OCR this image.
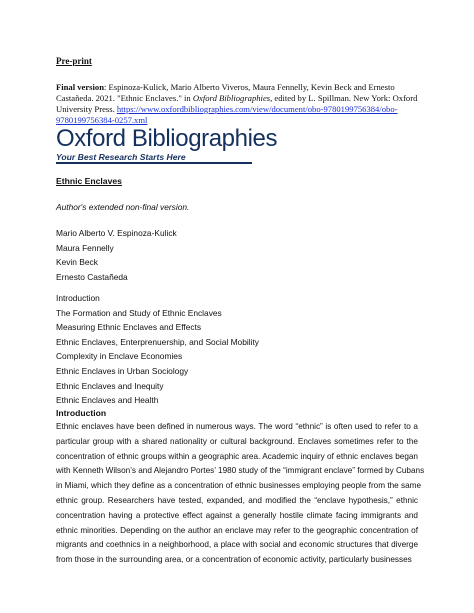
Pre-print
Final version: Espinoza-Kulick, Mario Alberto Viveros, Maura Fennelly, Kevin Beck and Ernesto Castañeda. 2021. "Ethnic Enclaves." in Oxford Bibliographies, edited by L. Spillman. New York: Oxford University Press. https://www.oxfordbibliographies.com/view/document/obo-9780199756384/obo-9780199756384-0257.xml
Oxford Bibliographies
Your Best Research Starts Here
Ethnic Enclaves
Author's extended non-final version.
Mario Alberto V. Espinoza-Kulick
Maura Fennelly
Kevin Beck
Ernesto Castañeda
Introduction
The Formation and Study of Ethnic Enclaves
Measuring Ethnic Enclaves and Effects
Ethnic Enclaves, Enterprenuership, and Social Mobility
Complexity in Enclave Economies
Ethnic Enclaves in Urban Sociology
Ethnic Enclaves and Inequity
Ethnic Enclaves and Health
Introduction
Ethnic enclaves have been defined in numerous ways. The word “ethnic” is often used to refer to a
particular group with a shared nationality or cultural background. Enclaves sometimes refer to the
concentration of ethnic groups within a geographic area. Academic inquiry of ethnic enclaves began
with Kenneth Wilson’s and Alejandro Portes’ 1980 study of the “immigrant enclave” formed by Cubans
in Miami, which they define as a concentration of ethnic businesses employing people from the same
ethnic group. Researchers have tested, expanded, and modified the “enclave hypothesis,” ethnic
concentration having a protective effect against a generally hostile climate facing immigrants and
ethnic minorities. Depending on the author an enclave may refer to the geographic concentration of
migrants and coethnics in a neighborhood, a place with social and economic structures that diverge
from those in the surrounding area, or a concentration of economic activity, particularly businesses
